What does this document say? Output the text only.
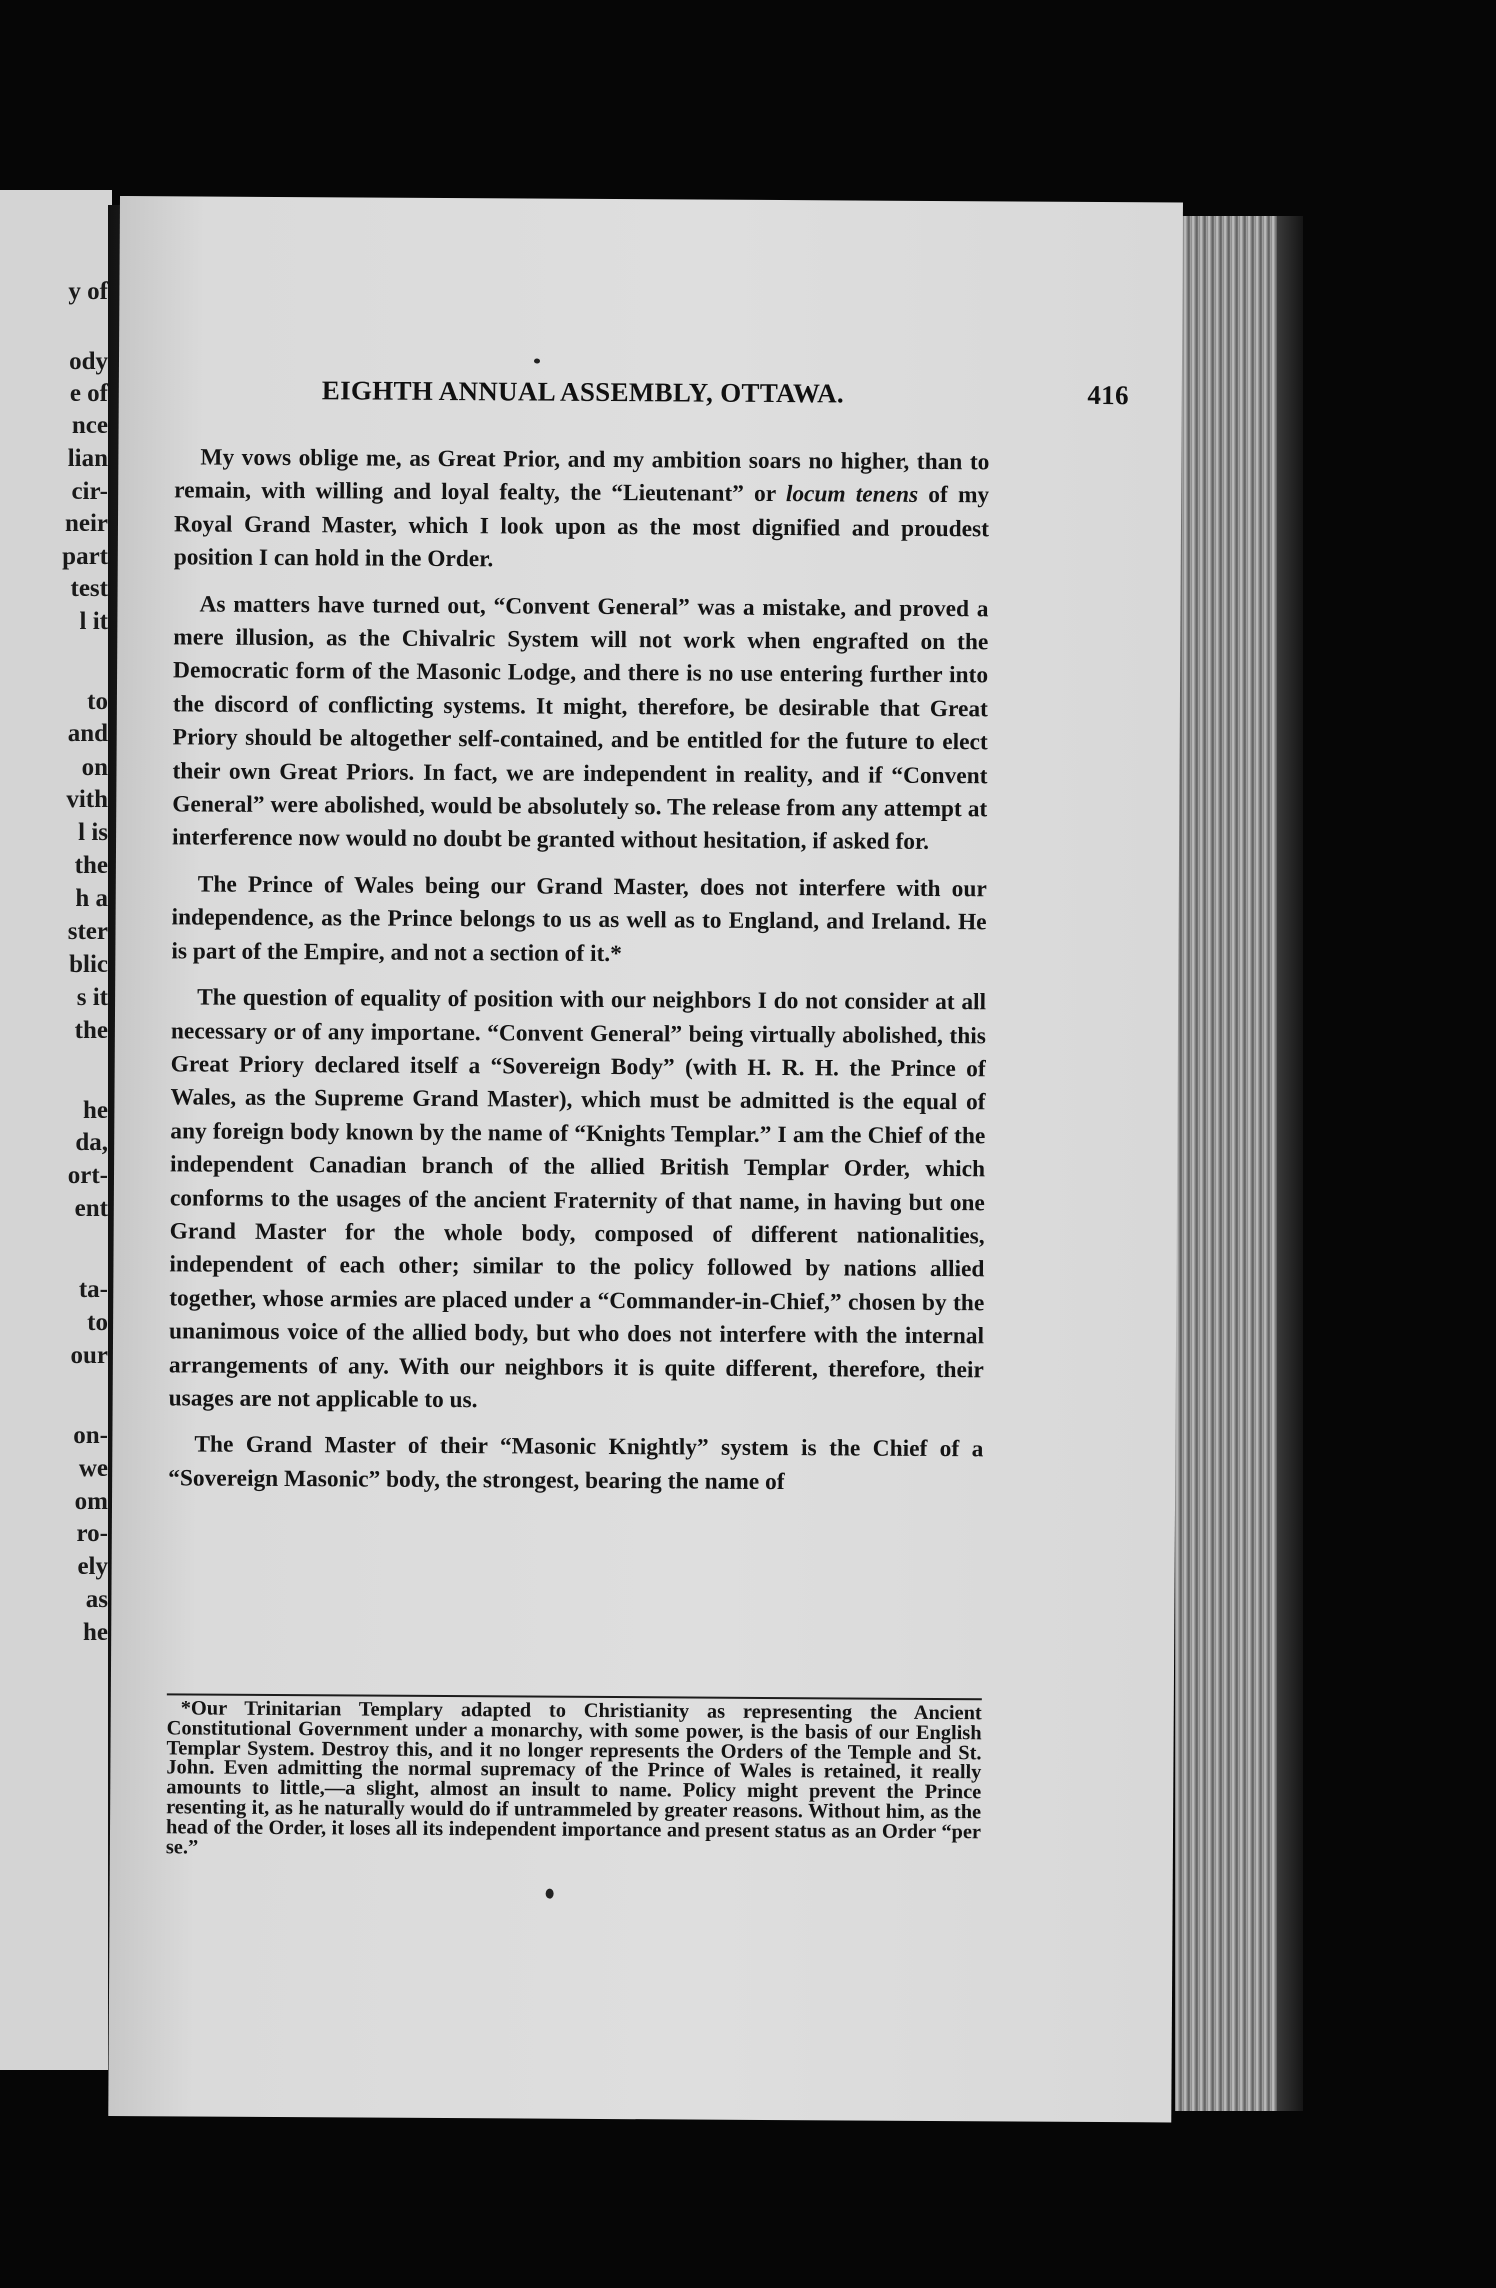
y of
ody
e of
nce
lian
cir-
neir
part
test
l it
to
and
on
vith
l is
the
h a
ster
blic
s it
the
he
da,
ort-
ent
ta-
to
our
on-
we
om
ro-
ely
as
he
EIGHTH ANNUAL ASSEMBLY, OTTAWA.	416

My vows oblige me, as Great Prior, and my ambition soars no higher, than to remain, with willing and loyal fealty, the “Lieutenant” or locum tenens of my Royal Grand Master, which I look upon as the most dignified and proudest position I can hold in the Order.

As matters have turned out, “Convent General” was a mistake, and proved a mere illusion, as the Chivalric System will not work when engrafted on the Democratic form of the Masonic Lodge, and there is no use entering further into the discord of conflicting systems. It might, therefore, be desirable that Great Priory should be altogether self-contained, and be entitled for the future to elect their own Great Priors. In fact, we are independent in reality, and if “Convent General” were abolished, would be absolutely so. The release from any attempt at interference now would no doubt be granted without hesitation, if asked for.

The Prince of Wales being our Grand Master, does not interfere with our independence, as the Prince belongs to us as well as to England, and Ireland. He is part of the Empire, and not a section of it.*

The question of equality of position with our neighbors I do not consider at all necessary or of any importane. “Convent General” being virtually abolished, this Great Priory declared itself a “Sovereign Body” (with H. R. H. the Prince of Wales, as the Supreme Grand Master), which must be admitted is the equal of any foreign body known by the name of “Knights Templar.” I am the Chief of the independent Canadian branch of the allied British Templar Order, which conforms to the usages of the ancient Fraternity of that name, in having but one Grand Master for the whole body, composed of different nationalities, independent of each other; similar to the policy followed by nations allied together, whose armies are placed under a “Commander-in-Chief,” chosen by the unanimous voice of the allied body, but who does not interfere with the internal arrangements of any. With our neighbors it is quite different, therefore, their usages are not applicable to us.

The Grand Master of their “Masonic Knightly” system is the Chief of a “Sovereign Masonic” body, the strongest, bearing the name of

*Our Trinitarian Templary adapted to Christianity as representing the Ancient Constitutional Government under a monarchy, with some power, is the basis of our English Templar System. Destroy this, and it no longer represents the Orders of the Temple and St. John. Even admitting the normal supremacy of the Prince of Wales is retained, it really amounts to little,—a slight, almost an insult to name. Policy might prevent the Prince resenting it, as he naturally would do if untrammeled by greater reasons. Without him, as the head of the Order, it loses all its independent importance and present status as an Order “per se.”
